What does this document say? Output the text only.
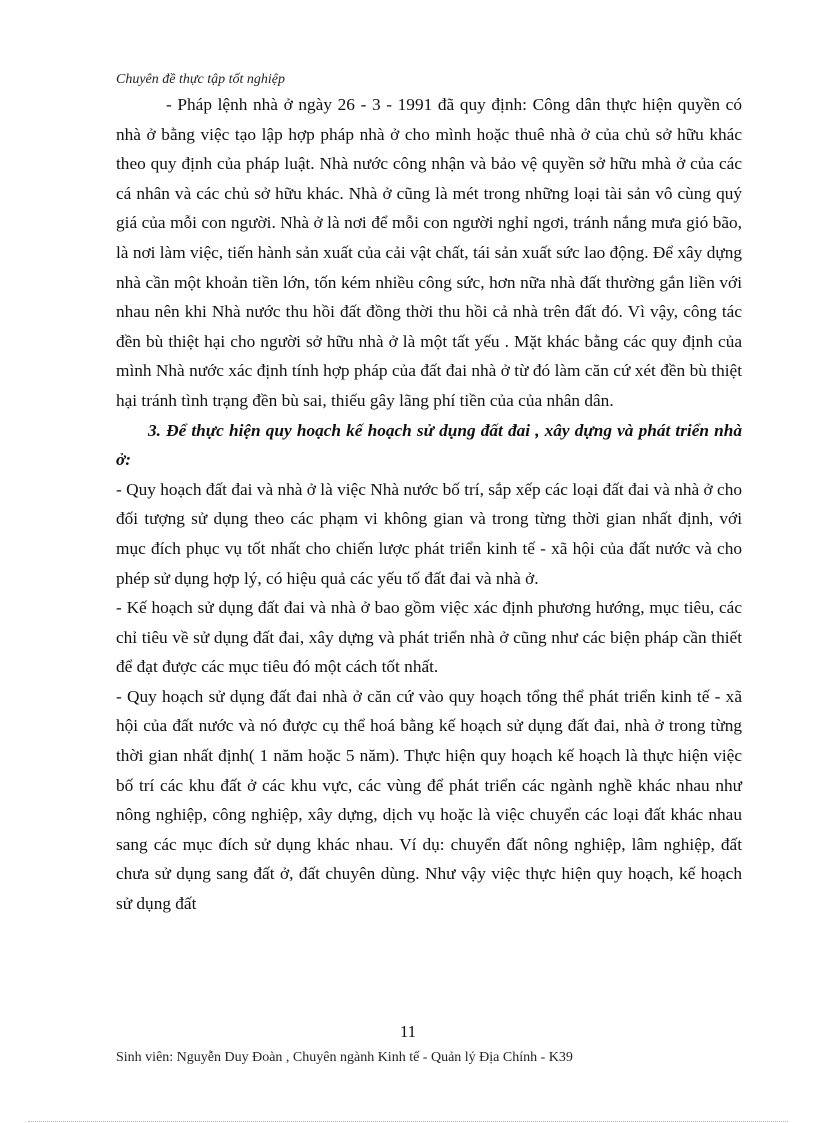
Chuyên đề thực tập tốt nghiệp

- Pháp lệnh nhà ở ngày 26 - 3 - 1991 đã quy định: Công dân thực hiện quyền có nhà ở bằng việc tạo lập hợp pháp nhà ở cho mình hoặc thuê nhà ở của chủ sở hữu khác theo quy định của pháp luật. Nhà nước công nhận và bảo vệ quyền sở hữu mhà ở của các cá nhân và các chủ sở hữu khác. Nhà ở cũng là mét trong những loại tài sản vô cùng quý giá của mỗi con người. Nhà ở là nơi để mỗi con người nghỉ ngơi, tránh nắng mưa gió bão, là nơi làm việc, tiến hành sản xuất của cải vật chất, tái sản xuất sức lao động. Để xây dựng nhà cần một khoản tiền lớn, tốn kém nhiều công sức, hơn nữa nhà đất thường gắn liền với nhau nên khi Nhà nước thu hồi đất đồng thời thu hồi cả nhà trên đất đó. Vì vậy, công tác đền bù thiệt hại cho người sở hữu nhà ở là một tất yếu . Mặt khác bằng các quy định của mình Nhà nước xác định tính hợp pháp của đất đai nhà ở từ đó làm căn cứ xét đền bù thiệt hại tránh tình trạng đền bù sai, thiếu gây lãng phí tiền của của nhân dân.

3. Để thực hiện quy hoạch kế hoạch sử dụng đất đai , xây dựng và phát triển nhà ở:

- Quy hoạch đất đai và nhà ở là việc Nhà nước bố trí, sắp xếp các loại đất đai và nhà ở cho đối tượng sử dụng theo các phạm vi không gian và trong từng thời gian nhất định, với mục đích phục vụ tốt nhất cho chiến lược phát triển kinh tế - xã hội của đất nước và cho phép sử dụng hợp lý, có hiệu quả các yếu tố đất đai và nhà ở.

- Kế hoạch sử dụng đất đai và nhà ở bao gồm việc xác định phương hướng, mục tiêu, các chỉ tiêu về sử dụng đất đai, xây dựng và phát triển nhà ở cũng như các biện pháp cần thiết để đạt được các mục tiêu đó một cách tốt nhất.

- Quy hoạch sử dụng đất đai nhà ở căn cứ vào quy hoạch tổng thể phát triển kinh tế - xã hội của đất nước và nó được cụ thể hoá bằng kế hoạch sử dụng đất đai, nhà ở trong từng thời gian nhất định( 1 năm hoặc 5 năm). Thực hiện quy hoạch kế hoạch là thực hiện việc bố trí các khu đất ở các khu vực, các vùng để phát triển các ngành nghề khác nhau như nông nghiệp, công nghiệp, xây dựng, dịch vụ hoặc là việc chuyển các loại đất khác nhau sang các mục đích sử dụng khác nhau. Ví dụ: chuyển đất nông nghiệp, lâm nghiệp, đất chưa sử dụng sang đất ở, đất chuyên dùng. Như vậy việc thực hiện quy hoạch, kế hoạch sử dụng đất

11
Sinh viên: Nguyễn Duy Đoàn , Chuyên ngành Kinh tế - Quản lý Địa Chính - K39
